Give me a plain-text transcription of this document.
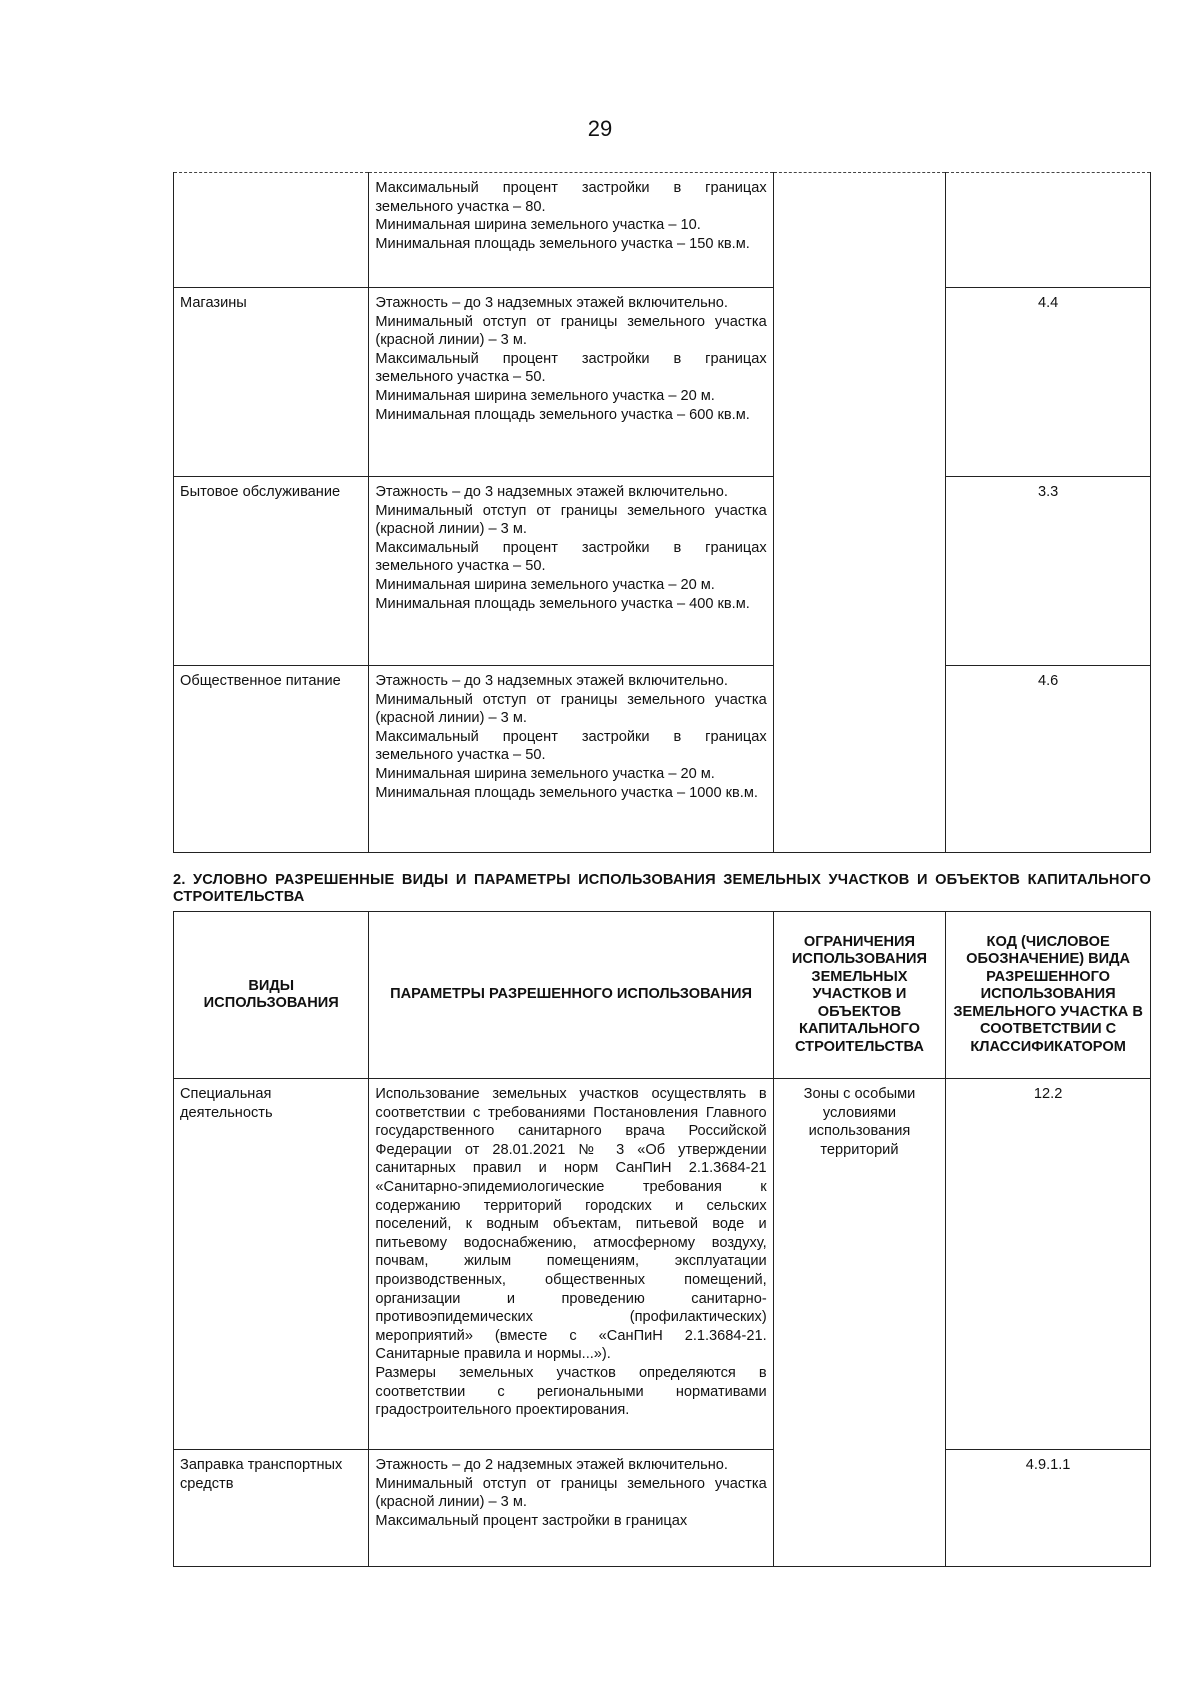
29

	Максимальный процент застройки в границах земельного участка – 80.
Минимальная ширина земельного участка – 10.
Минимальная площадь земельного участка – 150 кв.м.		

Магазины	Этажность – до 3 надземных этажей включительно.
Минимальный отступ от границы земельного участка (красной линии) – 3 м.
Максимальный процент застройки в границах земельного участка – 50.
Минимальная ширина земельного участка – 20 м.
Минимальная площадь земельного участка – 600 кв.м.		4.4
Бытовое обслуживание	Этажность – до 3 надземных этажей включительно.
Минимальный отступ от границы земельного участка (красной линии) – 3 м.
Максимальный процент застройки в границах земельного участка – 50.
Минимальная ширина земельного участка – 20 м.
Минимальная площадь земельного участка – 400 кв.м.		3.3
Общественное питание	Этажность – до 3 надземных этажей включительно.
Минимальный отступ от границы земельного участка (красной линии) – 3 м.
Максимальный процент застройки в границах земельного участка – 50.
Минимальная ширина земельного участка – 20 м.
Минимальная площадь земельного участка – 1000 кв.м.		4.6
2. УСЛОВНО РАЗРЕШЕННЫЕ ВИДЫ И ПАРАМЕТРЫ ИСПОЛЬЗОВАНИЯ ЗЕМЕЛЬНЫХ УЧАСТКОВ И ОБЪЕКТОВ КАПИТАЛЬНОГО СТРОИТЕЛЬСТВА
ВИДЫ ИСПОЛЬЗОВАНИЯ	ПАРАМЕТРЫ РАЗРЕШЕННОГО ИСПОЛЬЗОВАНИЯ	ОГРАНИЧЕНИЯ ИСПОЛЬЗОВАНИЯ ЗЕМЕЛЬНЫХ УЧАСТКОВ И ОБЪЕКТОВ КАПИТАЛЬНОГО СТРОИТЕЛЬСТВА	КОД (ЧИСЛОВОЕ ОБОЗНАЧЕНИЕ) ВИДА РАЗРЕШЕННОГО ИСПОЛЬЗОВАНИЯ ЗЕМЕЛЬНОГО УЧАСТКА В СООТВЕТСТВИИ С КЛАССИФИКАТОРОМ
Специальная деятельность	Использование земельных участков осуществлять в соответствии с требованиями Постановления Главного государственного санитарного врача Российской Федерации от 28.01.2021 № 3 «Об утверждении санитарных правил и норм СанПиН 2.1.3684-21 «Санитарно-эпидемиологические требования к содержанию территорий городских и сельских поселений, к водным объектам, питьевой воде и питьевому водоснабжению, атмосферному воздуху, почвам, жилым помещениям, эксплуатации производственных, общественных помещений, организации и проведению санитарно-противоэпидемических (профилактических) мероприятий» (вместе с «СанПиН 2.1.3684-21. Санитарные правила и нормы...»).
Размеры земельных участков определяются в соответствии с региональными нормативами градостроительного проектирования.	Зоны с особыми условиями использования территорий	12.2
Заправка транспортных средств	Этажность – до 2 надземных этажей включительно.
Минимальный отступ от границы земельного участка (красной линии) – 3 м.
Максимальный процент застройки в границах		4.9.1.1
